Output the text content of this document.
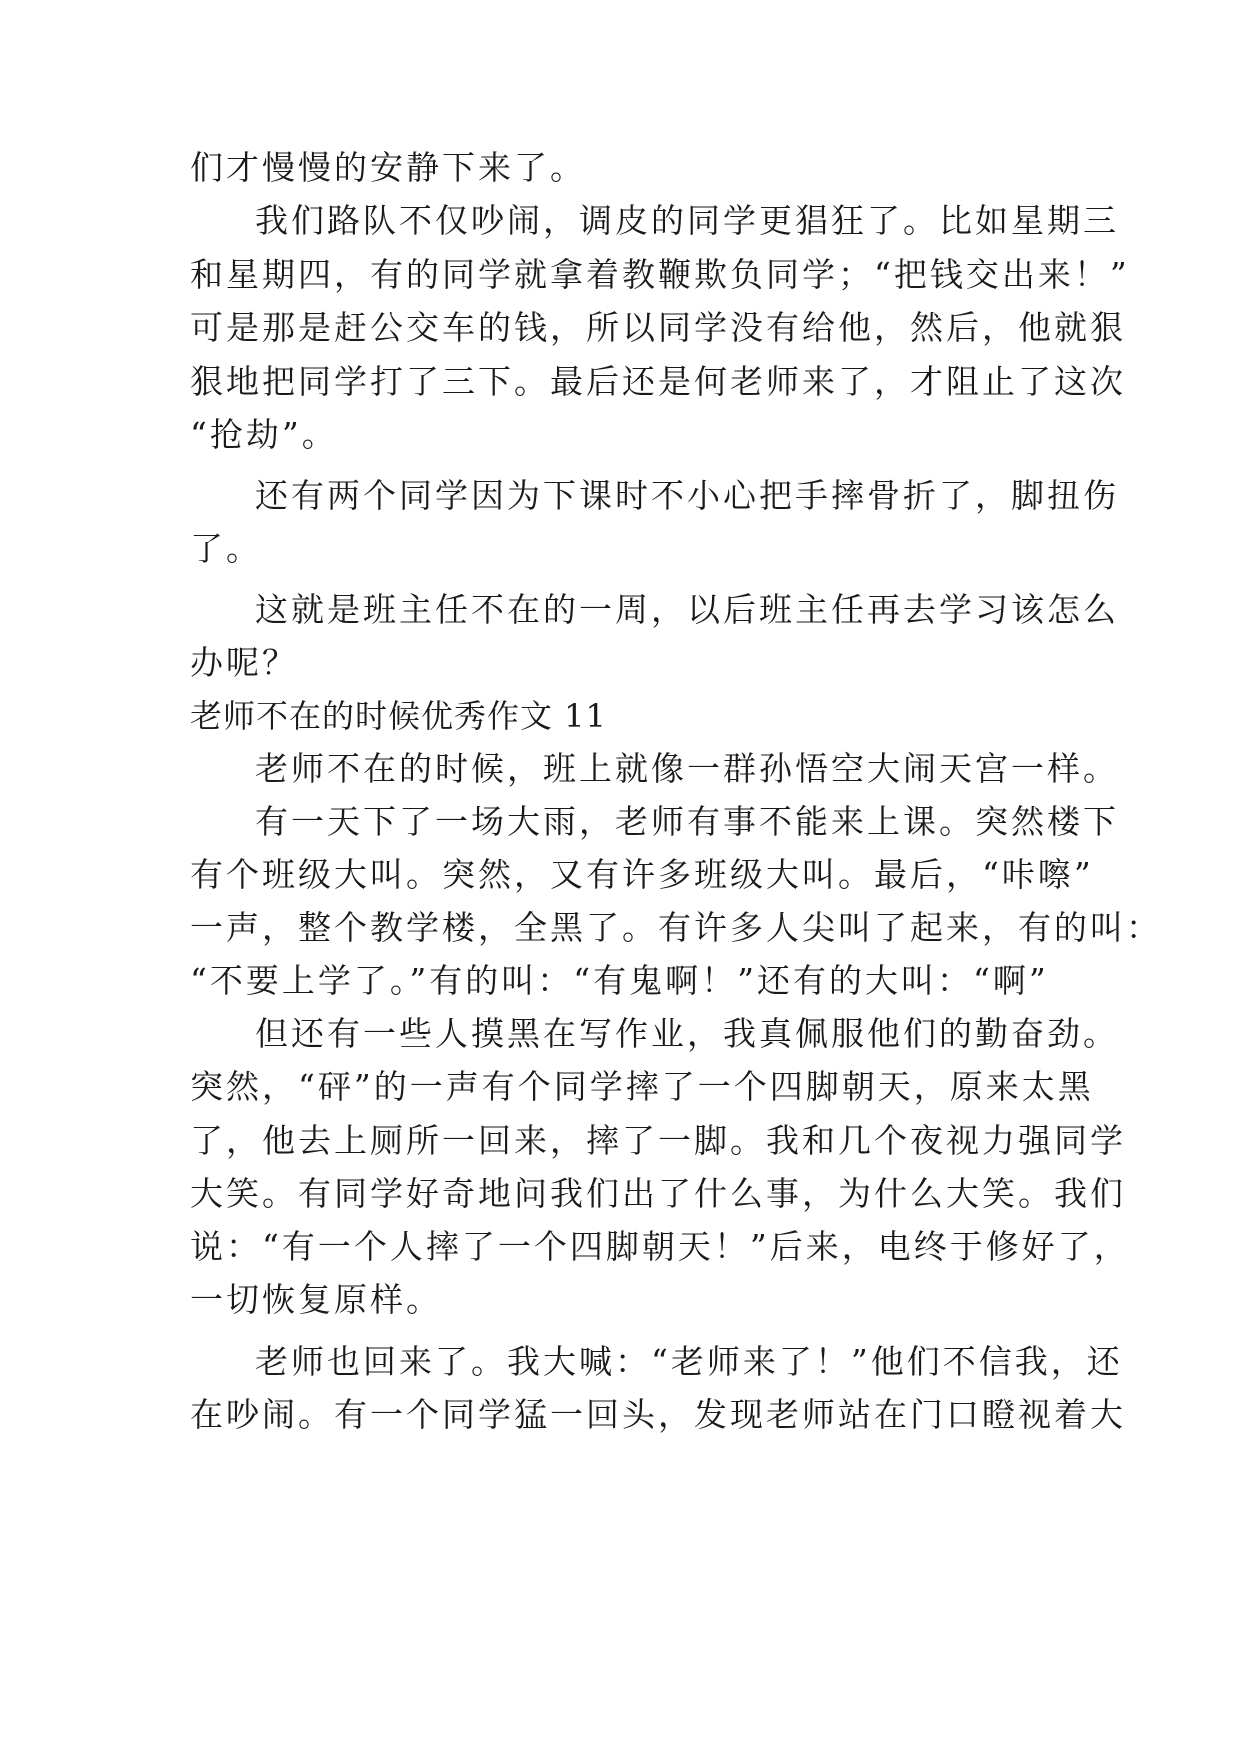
们才慢慢的安静下来了。
我们路队不仅吵闹，调皮的同学更猖狂了。比如星期三
和星期四，有的同学就拿着教鞭欺负同学；“把钱交出来！”
可是那是赶公交车的钱，所以同学没有给他，然后，他就狠
狠地把同学打了三下。最后还是何老师来了，才阻止了这次
“抢劫”。
还有两个同学因为下课时不小心把手摔骨折了，脚扭伤
了。
这就是班主任不在的一周，以后班主任再去学习该怎么
办呢？
老师不在的时候优秀作文 11
老师不在的时候，班上就像一群孙悟空大闹天宫一样。
有一天下了一场大雨，老师有事不能来上课。突然楼下
有个班级大叫。突然，又有许多班级大叫。最后，“咔嚓”
一声，整个教学楼，全黑了。有许多人尖叫了起来，有的叫：
“不要上学了。”有的叫：“有鬼啊！”还有的大叫：“啊”
但还有一些人摸黑在写作业，我真佩服他们的勤奋劲。
突然，“砰”的一声有个同学摔了一个四脚朝天，原来太黑
了，他去上厕所一回来，摔了一脚。我和几个夜视力强同学
大笑。有同学好奇地问我们出了什么事，为什么大笑。我们
说：“有一个人摔了一个四脚朝天！”后来，电终于修好了，
一切恢复原样。
老师也回来了。我大喊：“老师来了！”他们不信我，还
在吵闹。有一个同学猛一回头，发现老师站在门口瞪视着大
